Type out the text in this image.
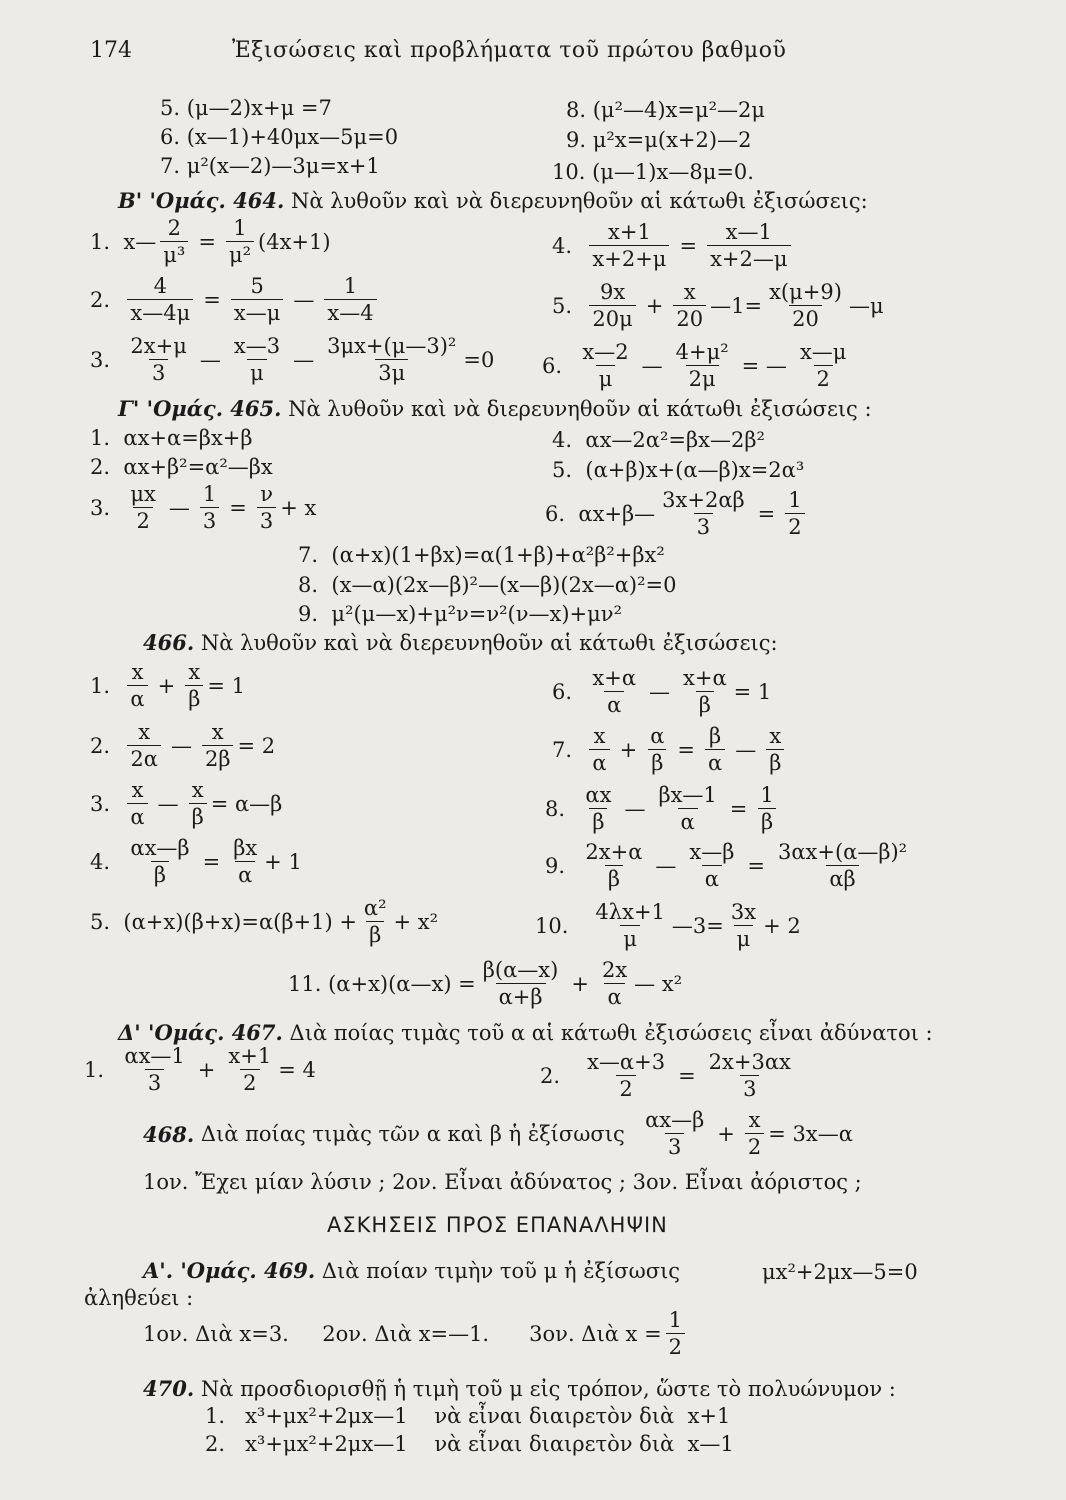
174	Ἐξισώσεις καὶ προβλήματα τοῦ πρώτου βαθμοῦ
5. (μ—2)x+μ =7
6. (x—1)+40μx—5μ=0
7. μ²(x—2)—3μ=x+1
8. (μ²—4)x=μ²—2μ
9. μ²x=μ(x+2)—2
10. (μ—1)x—8μ=0.
Β' 'Ομάς. 464. Νὰ λυθοῦν καὶ νὰ διερευνηθοῦν αἱ κάτωθι ἐξισώσεις:
1.
x— $\frac{2}{\text{μ³}} = \frac{1}{\text{μ²}} (4x+1)$	4.
$\frac{x+1}{x+2+\mu} = \frac{x—1}{x+2—\mu}$
2.
$\frac{4}{x—4\mu} = \frac{5}{x—\mu}$ — $\frac{1}{x—4}$	5.
$\frac{9x}{20\mu} + \frac{x}{20}$ —1= $\frac{x(\mu+9)}{20}$ —μ
3.
$\frac{2x+\mu}{3}$ — $\frac{x—3}{\mu}$ — $\frac{\text{3μx+(μ—3)²}}{3\mu} =0$ 6.
$\frac{x—2}{\mu}$ — $\frac{\text{4+μ²}}{2\mu}$ = — $\frac{x—\mu}{2}$
Γ' 'Ομάς. 465. Νὰ λυθοῦν καὶ νὰ διερευνηθοῦν αἱ κάτωθι ἐξισώσεις :
1. αx+α=βx+β
2. αx+β²=α²—βx
4. αx—2α²=βx—2β²
5. (α+β)x+(α—β)x=2α³
3.
$\frac{\mu x}{2}$ — $\frac{1}{3} = \frac{\nu}{3} + x$	6.
αx+β— $\frac{3x+2\alpha\beta}{3} = \frac{1}{2}$
7. (α+x)(1+βx)=α(1+β)+α²β²+βx²
8. (x—α)(2x—β)²—(x—β)(2x—α)²=0
9. μ²(μ—x)+μ²ν=ν²(ν—x)+μν²
466. Νὰ λυθοῦν καὶ νὰ διερευνηθοῦν αἱ κάτωθι ἐξισώσεις:
1.
$\frac{x}{\alpha} + \frac{x}{\beta} = 1$	6.
$\frac{x+\alpha}{\alpha}$ — $\frac{x+\alpha}{\beta} = 1$
2.
$\frac{x}{2\alpha}$ — $\frac{x}{2\beta} = 2$	7.
$\frac{x}{\alpha} + \frac{\alpha}{\beta} = \frac{\beta}{\alpha}$ — $\frac{x}{\beta}$
3.
$\frac{x}{\alpha}$ — $\frac{x}{\beta}$ = α—β	8.
$\frac{\alpha x}{\beta}$ — $\frac{\beta x—1}{\alpha} = \frac{1}{\beta}$
4.
$\frac{\alpha x—\beta}{\beta} = \frac{\beta x}{\alpha} + 1$	9.
$\frac{2x+\alpha}{\beta}$ — $\frac{x—\beta}{\alpha} = \frac{\text{3αx+(α—β)²}}{\alpha\beta}$
5.
$(\alpha+x)(\beta+x)=\alpha(\beta+1) + \frac{\text{α²}}{\beta} + x^2$	10.
$\frac{4\lambda x+1}{\mu}$ —3= $\frac{3x}{\mu} + 2$
11.
(α+x)(α—x) = $\frac{\beta(\alpha—x)}{\alpha+\beta} + \frac{2x}{\alpha}$ — x²
Δ' 'Ομάς. 467. Διὰ ποίας τιμὰς τοῦ α αἱ κάτωθι ἐξισώσεις εἶναι ἀδύνατοι :
1.
$\frac{\alpha x—1}{3} + \frac{x+1}{2} = 4$	2.
$\frac{x—\alpha+3}{2} = \frac{2x+3\alpha x}{3}$
468.
Διὰ ποίας τιμὰς τῶν α καὶ β ἡ ἐξίσωσις
$\frac{\alpha x—\beta}{3} + \frac{x}{2}$ = 3x—α
1ον. Ἔχει μίαν λύσιν ; 2ον. Εἶναι ἀδύνατος ; 3ον. Εἶναι ἀόριστος ;
ΑΣΚΗΣΕΙΣ ΠΡΟΣ ΕΠΑΝΑΛΗΨΙΝ
Α'. 'Ομάς. 469. Διὰ ποίαν τιμὴν τοῦ μ ἡ ἐξίσωσις	μx²+2μx—5=0
ἀληθεύει :
1ον. Διὰ x=3.
2ον. Διὰ x=—1.
3ον. Διὰ $x = \frac{1}{2}$
470. Νὰ προσδιορισθῇ ἡ τιμὴ τοῦ μ εἰς τρόπον, ὥστε τὸ πολυώνυμον :
1. x³+μx²+2μx—1 νὰ εἶναι διαιρετὸν διὰ x+1
2. x³+μx²+2μx—1 νὰ εἶναι διαιρετὸν διὰ x—1
